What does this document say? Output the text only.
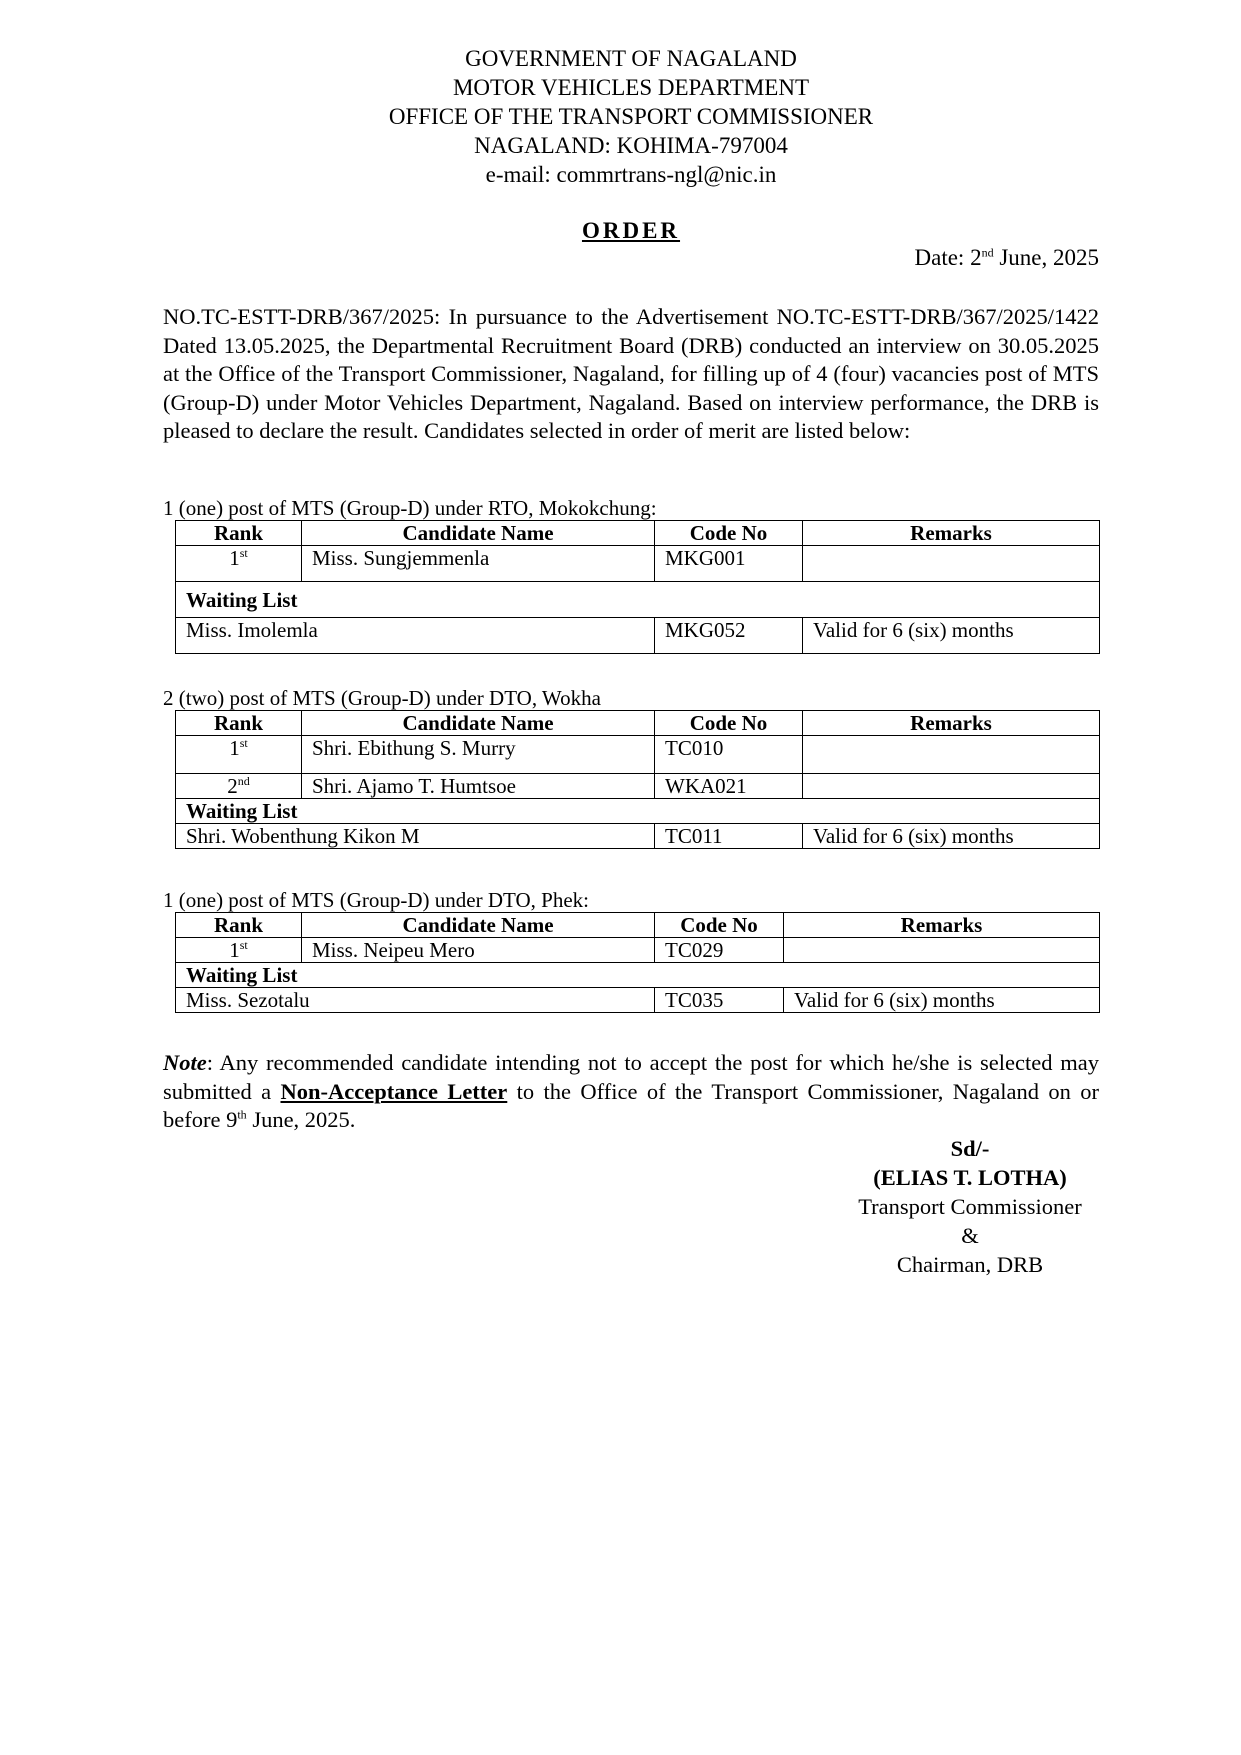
GOVERNMENT OF NAGALAND
MOTOR VEHICLES DEPARTMENT
OFFICE OF THE TRANSPORT COMMISSIONER
NAGALAND: KOHIMA-797004
e-mail: commrtrans-ngl@nic.in
ORDER
Date: 2nd June, 2025
NO.TC-ESTT-DRB/367/2025: In pursuance to the Advertisement NO.TC-ESTT-DRB/367/2025/1422 Dated 13.05.2025, the Departmental Recruitment Board (DRB) conducted an interview on 30.05.2025 at the Office of the Transport Commissioner, Nagaland, for filling up of 4 (four) vacancies post of MTS (Group-D) under Motor Vehicles Department, Nagaland. Based on interview performance, the DRB is pleased to declare the result. Candidates selected in order of merit are listed below:
1 (one) post of MTS (Group-D) under RTO, Mokokchung:
Rank	Candidate Name	Code No	Remarks
1st	Miss. Sungjemmenla	MKG001	
Waiting List			
Miss. Imolemla		MKG052	Valid for 6 (six) months
2 (two) post of MTS (Group-D) under DTO, Wokha
Rank	Candidate Name	Code No	Remarks
1st	Shri. Ebithung S. Murry	TC010	
2nd	Shri. Ajamo T. Humtsoe	WKA021	
Waiting List			
Shri. Wobenthung Kikon M		TC011	Valid for 6 (six) months
1 (one) post of MTS (Group-D) under DTO, Phek:
Rank	Candidate Name	Code No	Remarks
1st	Miss. Neipeu Mero	TC029	
Waiting List			
Miss. Sezotalu		TC035	Valid for 6 (six) months
Note: Any recommended candidate intending not to accept the post for which he/she is selected may submitted a Non-Acceptance Letter to the Office of the Transport Commissioner, Nagaland on or before 9th June, 2025.
Sd/-
(ELIAS T. LOTHA)
Transport Commissioner
&
Chairman, DRB
